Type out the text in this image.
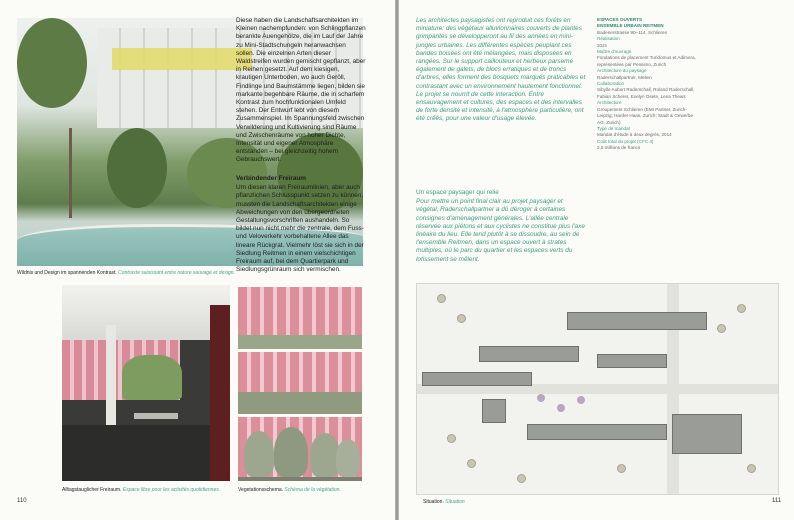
Wildnis und Design im spannenden Kontrast. Contraste saisissant entre nature sauvage et design.

Diese haben die Landschaftsarchitekten im Kleinen nachempfunden: von Schlingpflanzen berankte Auengehölze, die im Lauf der Jahre zu Mini-Stadtschungeln heranwachsen sollen. Die einzelnen Arten dieser Waldstreifen wurden gemischt gepflanzt, aber in Reihen gesetzt. Auf dem kiesigen, krautigen Unterboden, wo auch Geröll, Findlinge und Baumstämme liegen, bilden sie markante begehbare Räume, die in scharfem Kontrast zum hochfunktionalen Umfeld stehen. Der Entwurf lebt von diesem Zusammenspiel. Im Spannungsfeld zwischen Verwilderung und Kultivierung sind Räume und Zwischenräume von hoher Dichte, Intensität und eigener Atmosphäre entstanden – bei gleichzeitig hohem Gebrauchswert.

Verbindender Freiraum

Um diesen klaren Freiraumlinien, aber auch pflanzlichen Schlusspunkt setzen zu können, mussten die Landschaftsarchitekten einige Abweichungen von den übergeordneten Gestaltungsvorschriften aushandeln. So bildet nun nicht mehr die zentrale, dem Fuss- und Veloverkehr vorbehaltene Allee das lineare Rückgrat. Vielmehr löst sie sich in der Siedlung Reitmen in einem vielschichtigen Freiraum auf, bei dem Quartierpark und Siedlungsgrünraum sich vermischen.

Alltagstauglicher Freiraum. Espace libre pour les activités quotidiennes.	Vegetationsschema. Schéma de la végétation.
110

Les architectes paysagistes ont reproduit ces forêts en miniature: des végétaux alluvionnaires couverts de plantes grimpantes se développeront au fil des années en mini-jungles urbaines. Les différentes espèces peuplant ces bandes boisées ont été mélangées, mais disposées en rangées. Sur le support caillouteux et herbeux parsemé également de galets, de blocs erratiques et de troncs d'arbres, elles forment des bosquets marqués praticables et contrastant avec un environnement hautement fonctionnel. Le projet se nourrit de cette interaction. Entre ensauvagement et cultures, des espaces et des intervalles de forte densité et intensité, à l'atmosphère particulière, ont été créés, pour une valeur d'usage élevée.

Un espace paysager qui relie

Pour mettre un point final clair au projet paysager et végétal, Raderschallpartner a dû déroger à certaines consignes d'aménagement générales. L'allée centrale réservée aux piétons et aux cyclistes ne constitue plus l'axe linéaire du lieu. Elle tend plutôt à se dissoudre, au sein de l'ensemble Reitmen, dans un espace ouvert à strates multiples, où le parc du quartier et les espaces verts du lotissement se mêlent.

ESPACES OUVERTS
ENSEMBLE URBAIN REITMEN
Badenerstrasse 90–114, Schlieren
Réalisation
2021
Maître d'ouvrage
Fondations de placement Turidomus et Adimora, représentées par Pensimo, Zurich
Architecture du paysage
Raderschallpartner, Meilen
Collaboration
Sibylle Aubort Raderschall, Roland Raderschall, Fabian Scherer, Evelyn Osete, Lena Thews
Architecture
Groupement Schlieren (EMI Partner, Zurich-Leipzig; Harder Haas, Zurich; Stadt & Gewerbe AG, Zurich)
Type de mandat
Mandat d'étude à deux degrés, 2014
Coût total du projet (CFC 4)
2,5 millions de francs
Situation. Situation	111
